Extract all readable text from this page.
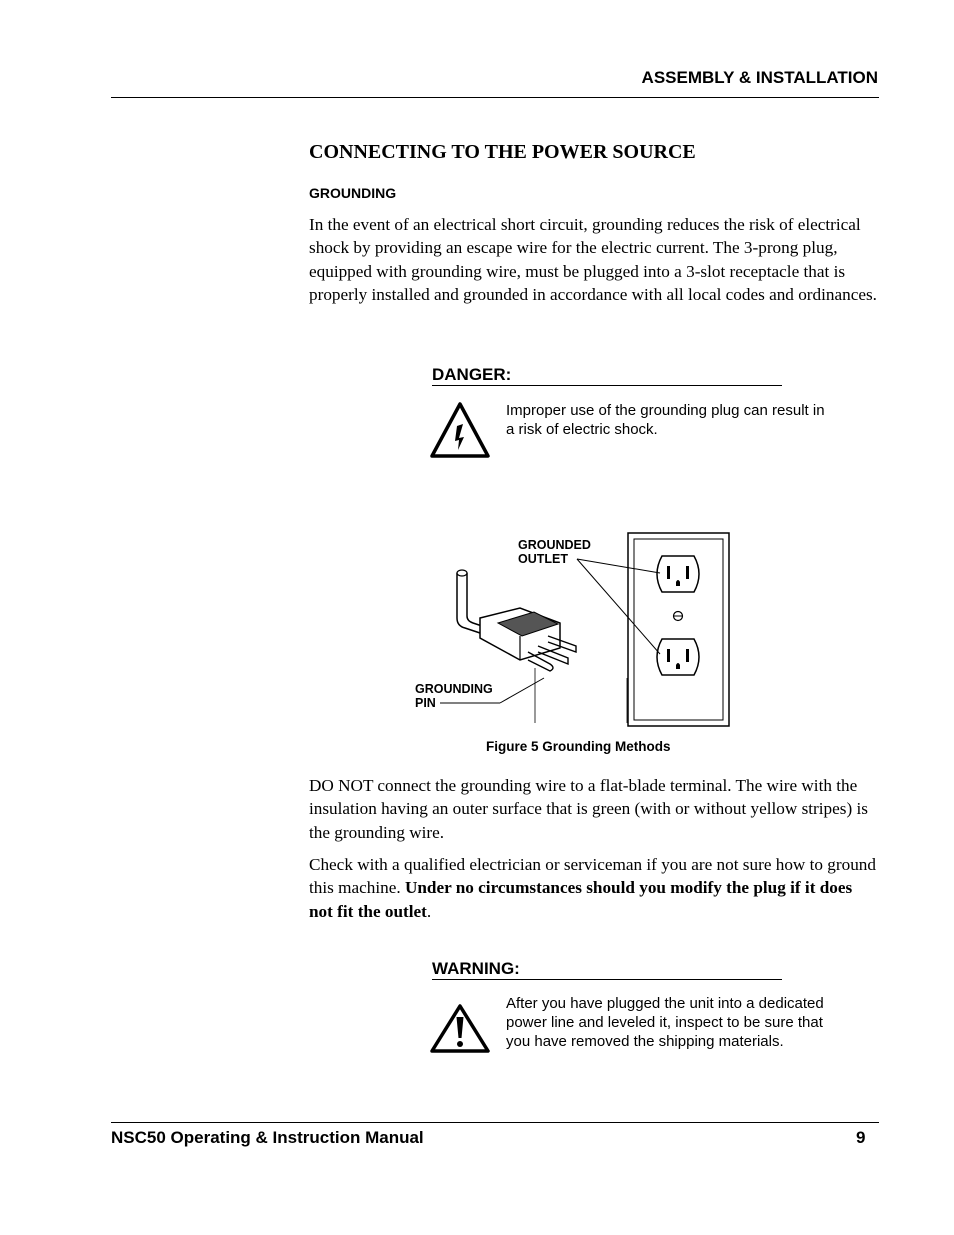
ASSEMBLY & INSTALLATION
CONNECTING TO THE POWER SOURCE
GROUNDING
In the event of an electrical short circuit, grounding reduces the risk of electrical shock by providing an escape wire for the electric current. The 3-prong plug, equipped with grounding wire, must be plugged into a 3-slot receptacle that is properly installed and grounded in accordance with all local codes and ordinances.
DANGER:
Improper use of the grounding plug can result in a risk of electric shock.
GROUNDED
OUTLET
GROUNDING
PIN
Figure 5 Grounding Methods
DO NOT connect the grounding wire to a flat-blade terminal. The wire with the insulation having an outer surface that is green (with or without yellow stripes) is the grounding wire.
Check with a qualified electrician or serviceman if you are not sure how to ground this machine. Under no circumstances should you modify the plug if it does not fit the outlet.
WARNING:
After you have plugged the unit into a dedicated power line and leveled it, inspect to be sure that you have removed the shipping materials.
NSC50 Operating & Instruction Manual	9
